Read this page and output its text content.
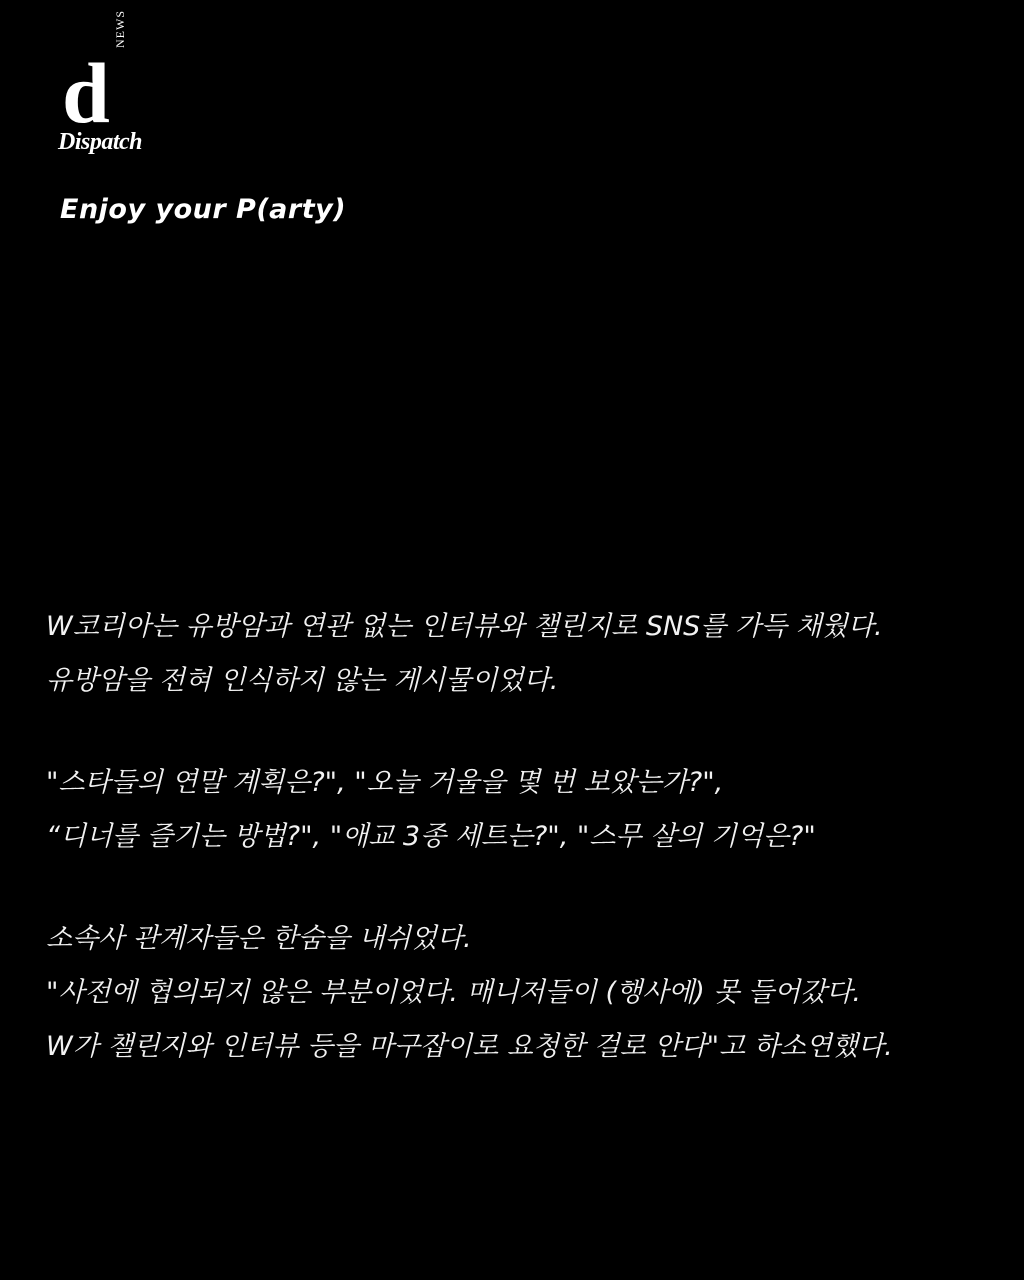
d
NEWS
Dispatch
Enjoy your P(arty)
W코리아는 유방암과 연관 없는 인터뷰와 챌린지로 SNS를 가득 채웠다.
유방암을 전혀 인식하지 않는 게시물이었다.
"스타들의 연말 계획은?", "오늘 거울을 몇 번 보았는가?",
“디너를 즐기는 방법?", "애교 3종 세트는?", "스무 살의 기억은?"
소속사 관계자들은 한숨을 내쉬었다.
"사전에 협의되지 않은 부분이었다. 매니저들이 (행사에) 못 들어갔다.
W가 챌린지와 인터뷰 등을 마구잡이로 요청한 걸로 안다"고 하소연했다.
